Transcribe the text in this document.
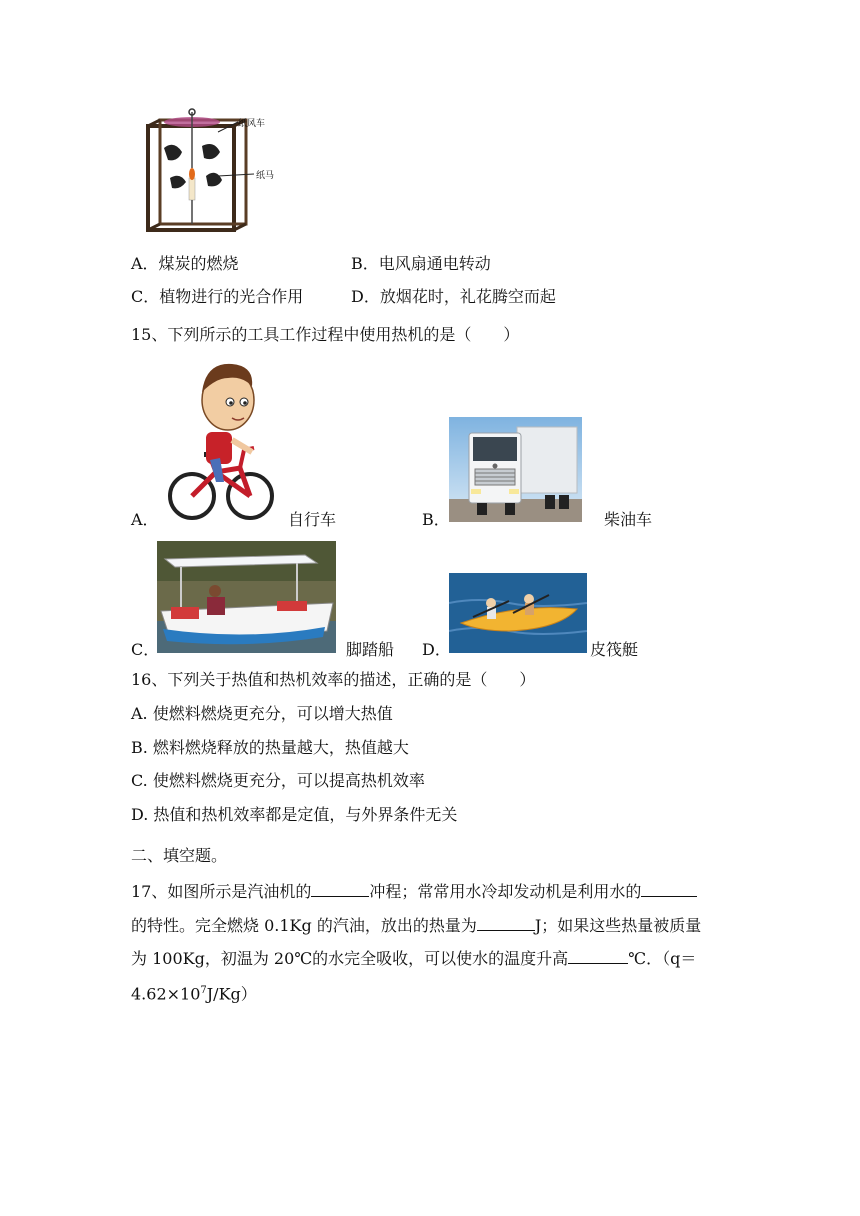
纸风车
纸马
A．煤炭的燃烧	B．电风扇通电转动
C．植物进行的光合作用	D．放烟花时，礼花腾空而起
15、下列所示的工具工作过程中使用热机的是（　　）
A．	自行车	B．	柴油车
C．	脚踏船 D．	皮筏艇
16、下列关于热值和热机效率的描述，正确的是（　　）
A. 使燃料燃烧更充分，可以增大热值
B. 燃料燃烧释放的热量越大，热值越大
C. 使燃料燃烧更充分，可以提高热机效率
D. 热值和热机效率都是定值，与外界条件无关
二、填空题。
17、如图所示是汽油机的	冲程；常常用水冷却发动机是利用水的
的特性。完全燃烧 0.1Kg 的汽油，放出的热量为	J；如果这些热量被质量
为 100Kg，初温为 20℃的水完全吸收，可以使水的温度升高	℃．（q＝
$4.62\times 10^7J/Kg$）
